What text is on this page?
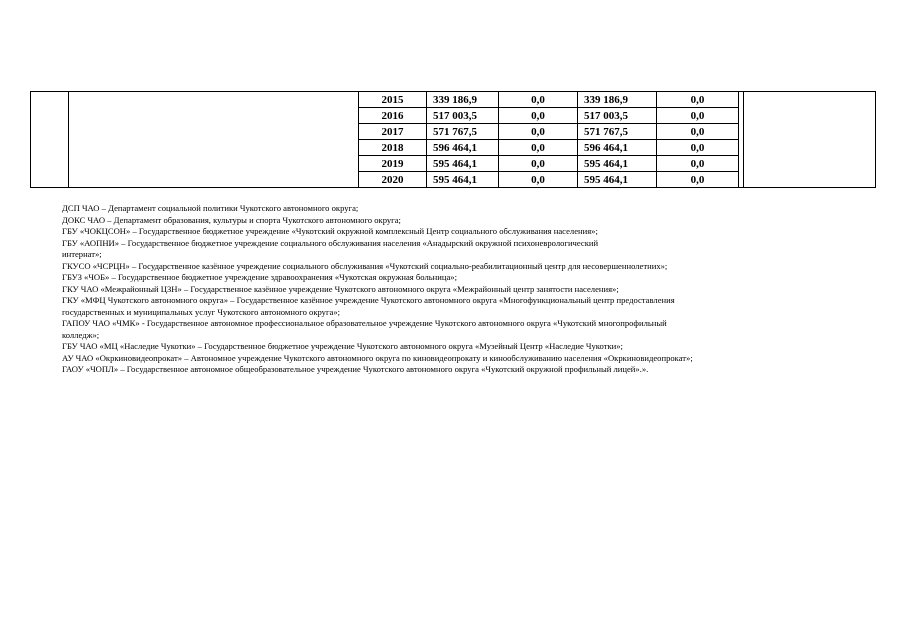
2015	339 186,9	0,0	339 186,9	0,0
2016	517 003,5	0,0	517 003,5	0,0
2017	571 767,5	0,0	571 767,5	0,0
2018	596 464,1	0,0	596 464,1	0,0
2019	595 464,1	0,0	595 464,1	0,0
2020	595 464,1	0,0	595 464,1	0,0
ДСП ЧАО – Департамент социальной политики Чукотского автономного округа;
ДОКС ЧАО – Департамент образования, культуры и спорта Чукотского автономного округа;
ГБУ «ЧОКЦСОН» – Государственное бюджетное учреждение «Чукотский окружной комплексный Центр социального обслуживания населения»;
ГБУ «АОПНИ» – Государственное бюджетное учреждение социального обслуживания населения «Анадырский окружной психоневрологический
интернат»;
ГКУСО «ЧСРЦН» – Государственное казённое учреждение социального обслуживания «Чукотский социально-реабилитационный центр для несовершеннолетних»;
ГБУЗ «ЧОБ» – Государственное бюджетное учреждение здравоохранения «Чукотская окружная больница»;
ГКУ ЧАО «Межрайонный ЦЗН» – Государственное казённое учреждение Чукотского автономного округа «Межрайонный центр занятости населения»;
ГКУ «МФЦ Чукотского автономного округа» – Государственное казённое учреждение Чукотского автономного округа «Многофункциональный центр предоставления
государственных и муниципальных услуг Чукотского автономного округа»;
ГАПОУ ЧАО «ЧМК» - Государственное автономное профессиональное образовательное учреждение Чукотского автономного округа «Чукотский многопрофильный
колледж»;
ГБУ ЧАО «МЦ «Наследие Чукотки» – Государственное бюджетное учреждение Чукотского автономного округа «Музейный Центр «Наследие Чукотки»;
АУ ЧАО «Окркиновидеопрокат» – Автономное учреждение Чукотского автономного округа по киновидеопрокату и кинообслуживанию населения «Окркиновидеопрокат»;
ГАОУ «ЧОПЛ» – Государственное автономное общеобразовательное учреждение Чукотского автономного округа «Чукотский окружной профильный лицей».».
